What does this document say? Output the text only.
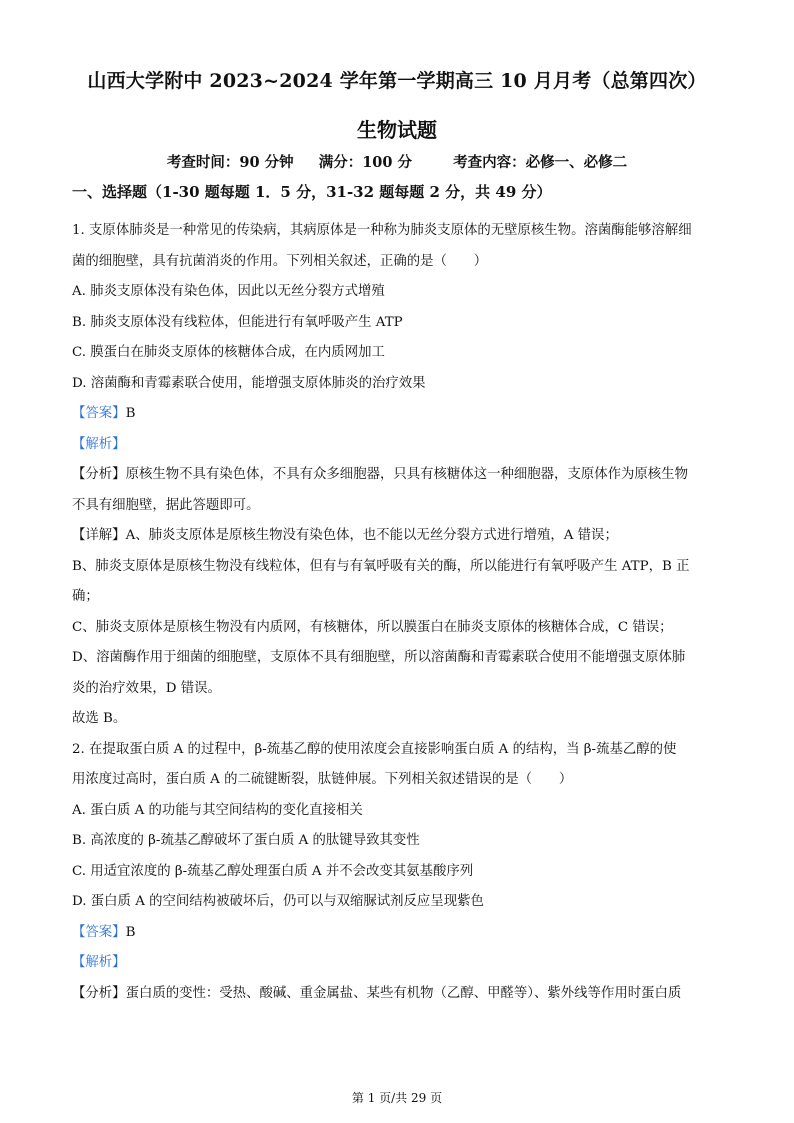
山西大学附中 2023~2024 学年第一学期高三 10 月月考（总第四次）
生物试题
考查时间：90 分钟 满分：100 分	考查内容：必修一、必修二
一、选择题（1-30 题每题 1．5 分，31-32 题每题 2 分，共 49 分）

1. 支原体肺炎是一种常见的传染病，其病原体是一种称为肺炎支原体的无壁原核生物。溶菌酶能够溶解细

菌的细胞壁，具有抗菌消炎的作用。下列相关叙述，正确的是（　　）

A. 肺炎支原体没有染色体，因此以无丝分裂方式增殖

B. 肺炎支原体没有线粒体，但能进行有氧呼吸产生 ATP

C. 膜蛋白在肺炎支原体的核糖体合成，在内质网加工

D. 溶菌酶和青霉素联合使用，能增强支原体肺炎的治疗效果

【答案】B

【解析】

【分析】原核生物不具有染色体，不具有众多细胞器，只具有核糖体这一种细胞器，支原体作为原核生物

不具有细胞壁，据此答题即可。

【详解】A、肺炎支原体是原核生物没有染色体，也不能以无丝分裂方式进行增殖，A 错误；

B、肺炎支原体是原核生物没有线粒体，但有与有氧呼吸有关的酶，所以能进行有氧呼吸产生 ATP，B 正

确；

C、肺炎支原体是原核生物没有内质网，有核糖体，所以膜蛋白在肺炎支原体的核糖体合成，C 错误；

D、溶菌酶作用于细菌的细胞壁，支原体不具有细胞壁，所以溶菌酶和青霉素联合使用不能增强支原体肺

炎的治疗效果，D 错误。

故选 B。

2. 在提取蛋白质 A 的过程中，β-巯基乙醇的使用浓度会直接影响蛋白质 A 的结构，当 β-巯基乙醇的使

用浓度过高时，蛋白质 A 的二硫键断裂，肽链伸展。下列相关叙述错误的是（　　）

A. 蛋白质 A 的功能与其空间结构的变化直接相关

B. 高浓度的 β-巯基乙醇破坏了蛋白质 A 的肽键导致其变性

C. 用适宜浓度的 β-巯基乙醇处理蛋白质 A 并不会改变其氨基酸序列

D. 蛋白质 A 的空间结构被破坏后，仍可以与双缩脲试剂反应呈现紫色

【答案】B

【解析】

【分析】蛋白质的变性：受热、酸碱、重金属盐、某些有机物（乙醇、甲醛等）、紫外线等作用时蛋白质

第 1 页/共 29 页
